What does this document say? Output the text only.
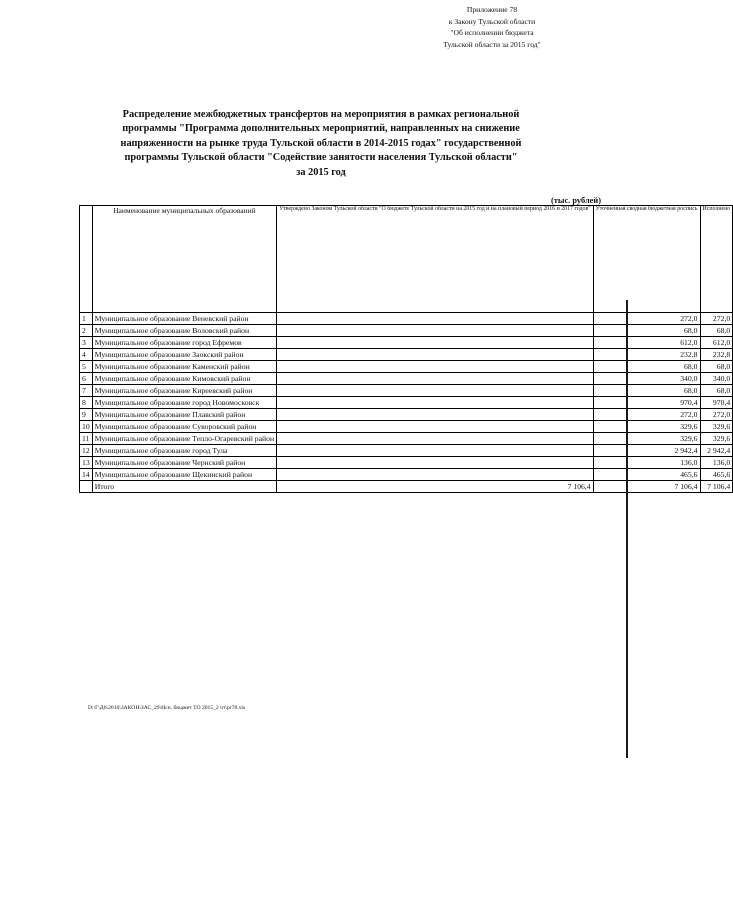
Приложение 78
к Закону Тульской области
"Об исполнении бюджета
Тульской области за 2015 год"
Распределение межбюджетных трансфертов на мероприятия в рамках региональной
программы "Программа дополнительных мероприятий, направленных на снижение
напряженности на рынке труда Тульской области в 2014-2015 годах" государственной
программы Тульской области "Содействие занятости населения Тульской области"
за 2015 год
(тыс. рублей)
	Наименование муниципальных образований	Утверждено Законом Тульской области "О бюджете Тульской области на 2015 год и на плановый период 2016 и 2017 годов"	Уточненная сводная бюджетная роспись	Исполнено
1	Муниципальное образование Веневский район		272,0	272,0
2	Муниципальное образование Воловский район		68,0	68,0
3	Муниципальное образование город Ефремов		612,0	612,0
4	Муниципальное образование Заокский район		232,8	232,8
5	Муниципальное образование Каменский район		68,0	68,0
6	Муниципальное образование Кимовский район		340,0	340,0
7	Муниципальное образование Киреевский район		68,0	68,0
8	Муниципальное образование город Новомосковск		970,4	970,4
9	Муниципальное образование Плавский район		272,0	272,0
10	Муниципальное образование Суворовский район		329,6	329,6
11	Муниципальное образование Тепло-Огаревский район		329,6	329,6
12	Муниципальное образование город Тула		2 942,4	2 942,4
13	Муниципальное образование Чернский район		136,0	136,0
14	Муниципальное образование Щекинский район		465,6	465,6
	Итого	7 106,4	7 106,4	7 106,4
D:\Г\Д6\2016\ЗАКОН\ЗАС_29\Исп. бюджет ТО 2015_2 чт\pr78.xls
